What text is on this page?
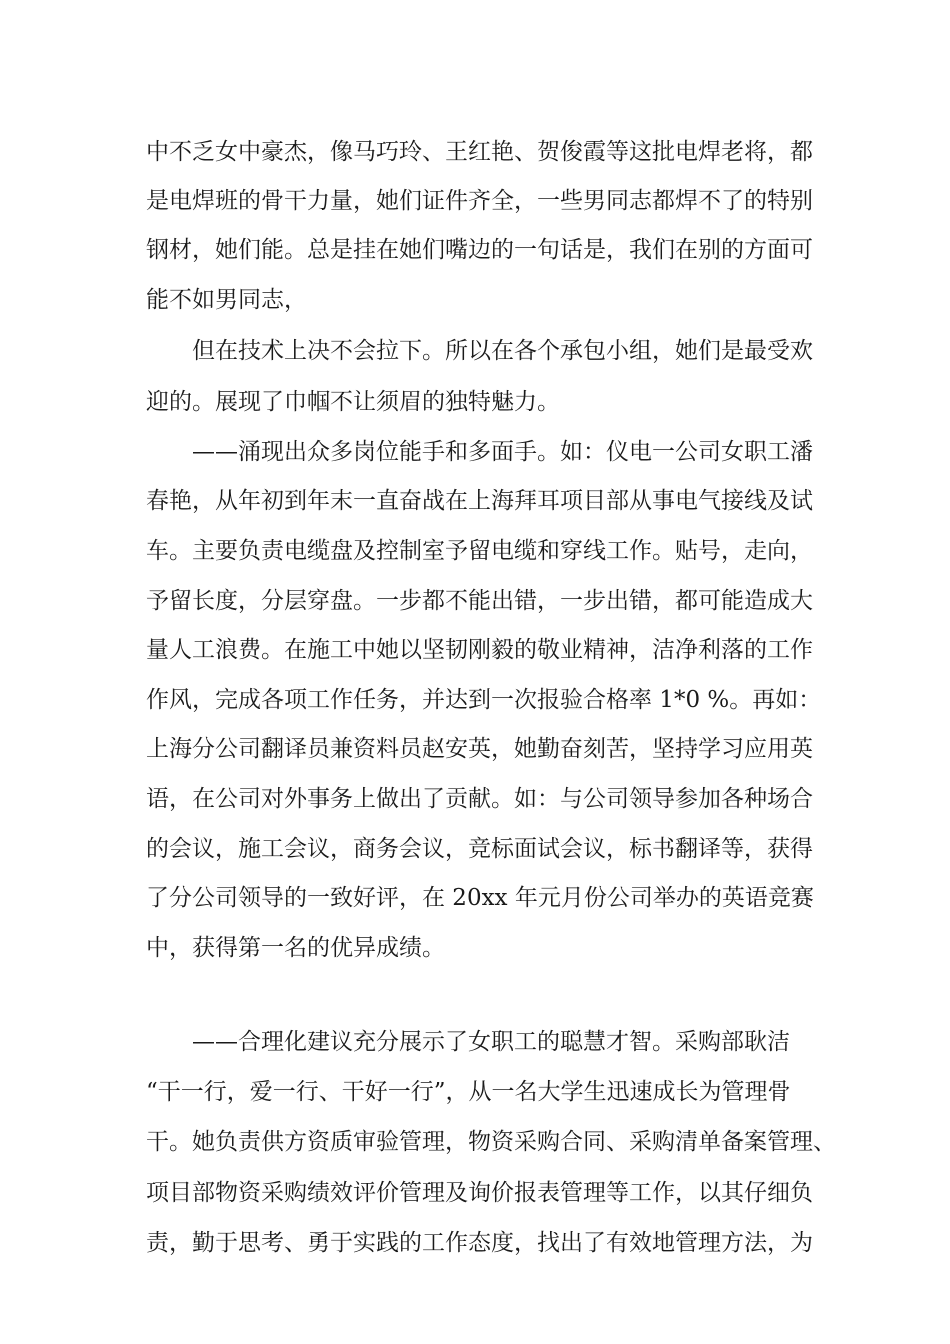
中不乏女中豪杰，像马巧玲、王红艳、贺俊霞等这批电焊老将，都
是电焊班的骨干力量，她们证件齐全，一些男同志都焊不了的特别
钢材，她们能。总是挂在她们嘴边的一句话是，我们在别的方面可
能不如男同志，
但在技术上决不会拉下。所以在各个承包小组，她们是最受欢
迎的。展现了巾帼不让须眉的独特魅力。
——涌现出众多岗位能手和多面手。如：仪电一公司女职工潘
春艳，从年初到年末一直奋战在上海拜耳项目部从事电气接线及试
车。主要负责电缆盘及控制室予留电缆和穿线工作。贴号，走向，
予留长度，分层穿盘。一步都不能出错，一步出错，都可能造成大
量人工浪费。在施工中她以坚韧刚毅的敬业精神，洁净利落的工作
作风，完成各项工作任务，并达到一次报验合格率 1*0 %。再如：
上海分公司翻译员兼资料员赵安英，她勤奋刻苦，坚持学习应用英
语，在公司对外事务上做出了贡献。如：与公司领导参加各种场合
的会议，施工会议，商务会议，竞标面试会议，标书翻译等，获得
了分公司领导的一致好评，在 20xx 年元月份公司举办的英语竞赛
中，获得第一名的优异成绩。
——合理化建议充分展示了女职工的聪慧才智。采购部耿洁
“干一行，爱一行、干好一行”，从一名大学生迅速成长为管理骨
干。她负责供方资质审验管理，物资采购合同、采购清单备案管理、
项目部物资采购绩效评价管理及询价报表管理等工作，以其仔细负
责，勤于思考、勇于实践的工作态度，找出了有效地管理方法，为
